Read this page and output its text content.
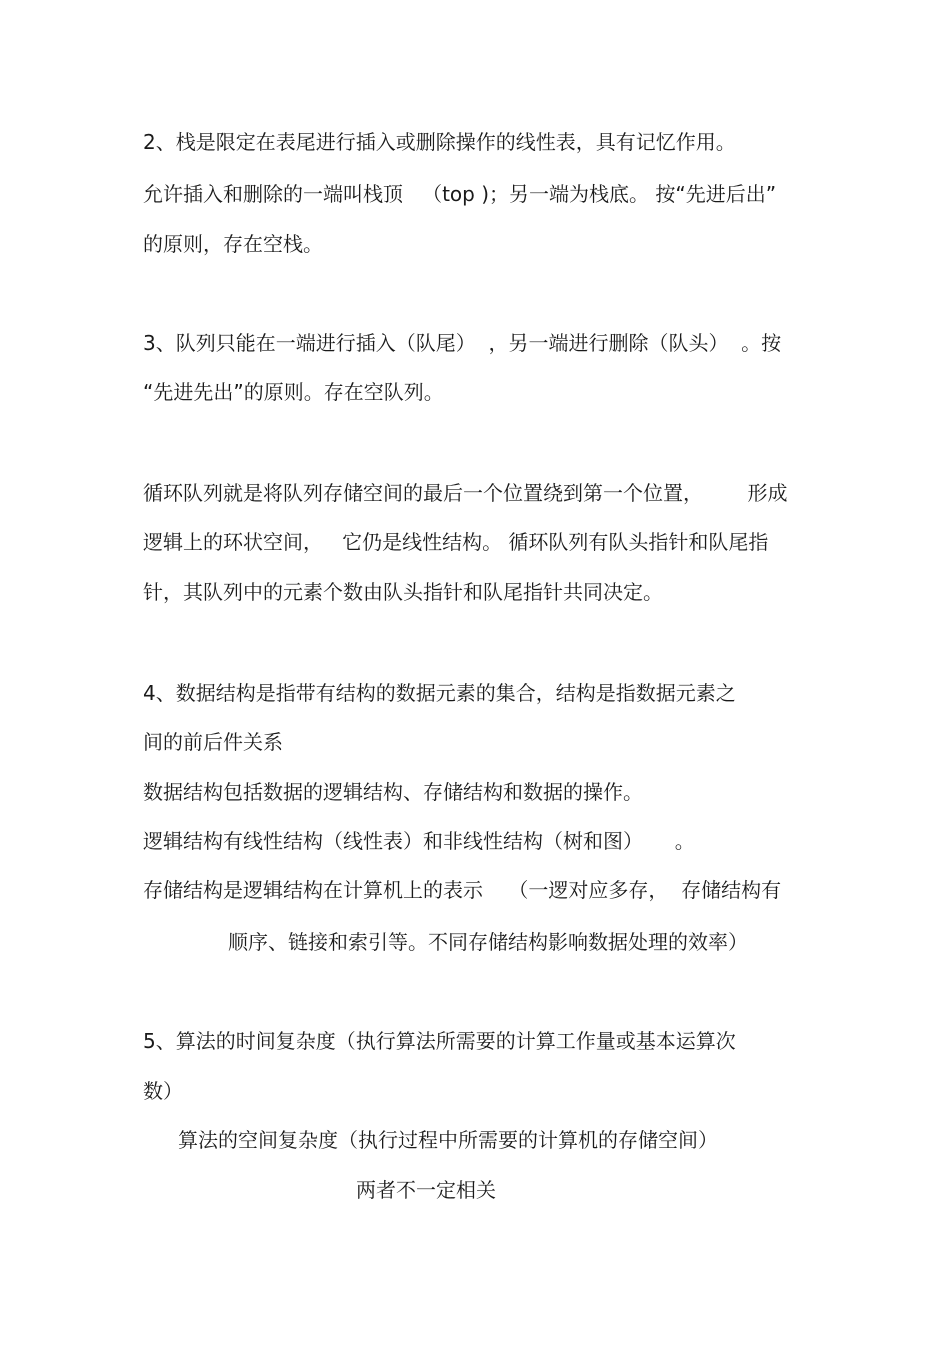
2、栈是限定在表尾进行插入或删除操作的线性表，具有记忆作用。
允许插入和删除的一端叫栈顶   （top )；另一端为栈底。 按“先进后出”
的原则，存在空栈。
3、队列只能在一端进行插入（队尾）  ，另一端进行删除（队头）  。按
“先进先出”的原则。存在空队列。
循环队列就是将队列存储空间的最后一个位置绕到第一个位置，       形成
逻辑上的环状空间，   它仍是线性结构。 循环队列有队头指针和队尾指
针，其队列中的元素个数由队头指针和队尾指针共同决定。
4、数据结构是指带有结构的数据元素的集合，结构是指数据元素之
间的前后件关系
数据结构包括数据的逻辑结构、存储结构和数据的操作。
逻辑结构有线性结构（线性表）和非线性结构（树和图）     。
存储结构是逻辑结构在计算机上的表示    （一逻对应多存，  存储结构有
顺序、链接和索引等。不同存储结构影响数据处理的效率）
5、算法的时间复杂度（执行算法所需要的计算工作量或基本运算次
数）
算法的空间复杂度（执行过程中所需要的计算机的存储空间）
两者不一定相关
